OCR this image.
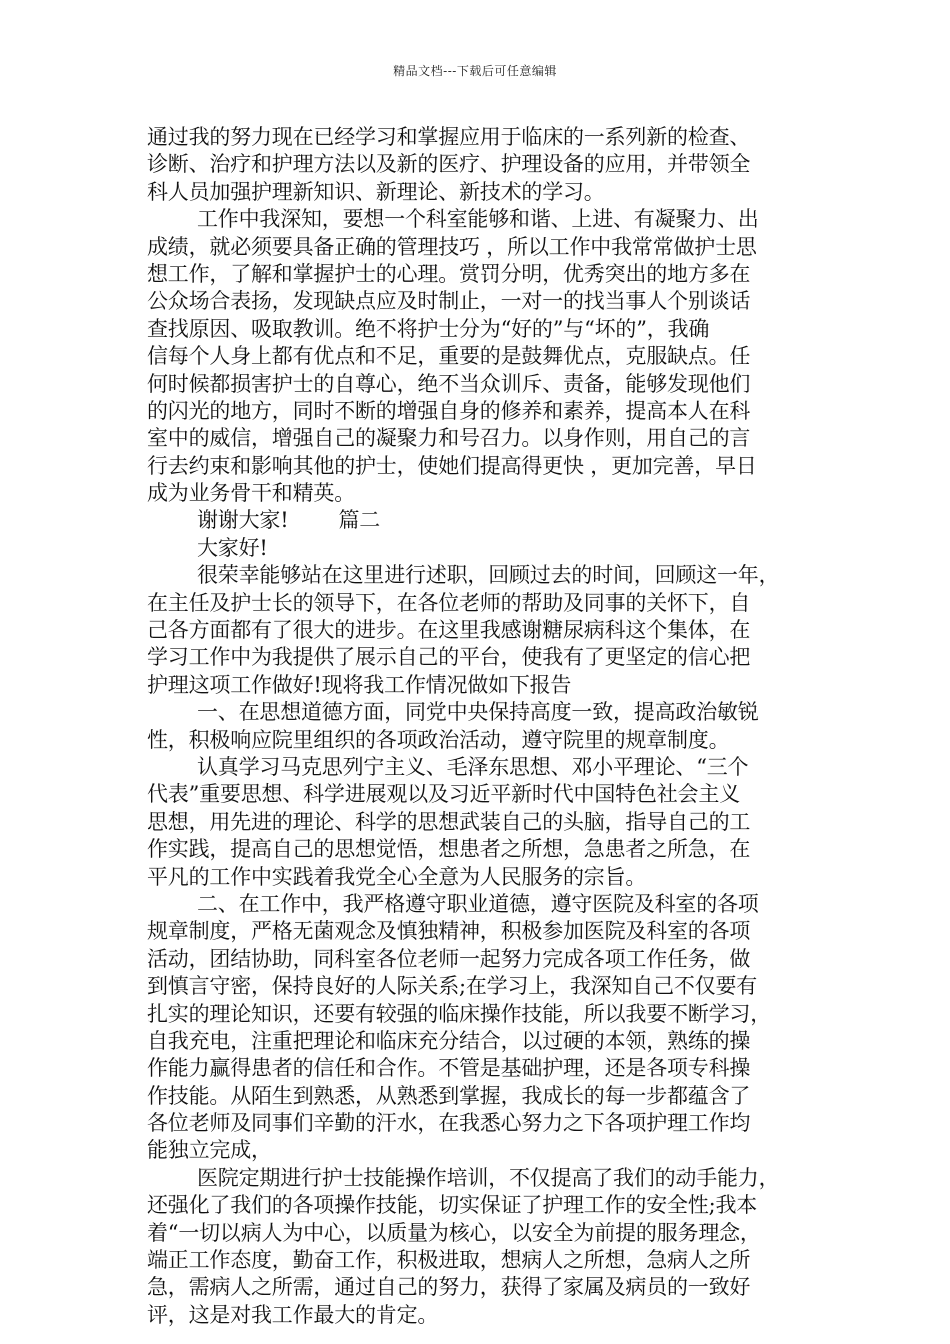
精品文档---下载后可任意编辑
通过我的努力现在已经学习和掌握应用于临床的一系列新的检查、
诊断、治疗和护理方法以及新的医疗、护理设备的应用，并带领全
科人员加强护理新知识、新理论、新技术的学习。
工作中我深知，要想一个科室能够和谐、上进、有凝聚力、出
成绩，就必须要具备正确的管理技巧 ，所以工作中我常常做护士思
想工作，了解和掌握护士的心理。赏罚分明，优秀突出的地方多在
公众场合表扬，发现缺点应及时制止，一对一的找当事人个别谈话
查找原因、吸取教训。绝不将护士分为“好的”与“坏的”，我确
信每个人身上都有优点和不足，重要的是鼓舞优点，克服缺点。任
何时候都损害护士的自尊心，绝不当众训斥、责备，能够发现他们
的闪光的地方，同时不断的增强自身的修养和素养，提高本人在科
室中的威信，增强自己的凝聚力和号召力。以身作则，用自己的言
行去约束和影响其他的护士，使她们提高得更快 ，更加完善，早日
成为业务骨干和精英。
谢谢大家! 篇二
大家好!
很荣幸能够站在这里进行述职，回顾过去的时间，回顾这一年，
在主任及护士长的领导下，在各位老师的帮助及同事的关怀下，自
己各方面都有了很大的进步。在这里我感谢糖尿病科这个集体，在
学习工作中为我提供了展示自己的平台，使我有了更坚定的信心把
护理这项工作做好!现将我工作情况做如下报告
一、在思想道德方面，同党中央保持高度一致，提高政治敏锐
性，积极响应院里组织的各项政治活动，遵守院里的规章制度。
认真学习马克思列宁主义、毛泽东思想、邓小平理论、“三个
代表”重要思想、科学进展观以及习近平新时代中国特色社会主义
思想，用先进的理论、科学的思想武装自己的头脑，指导自己的工
作实践，提高自己的思想觉悟，想患者之所想，急患者之所急，在
平凡的工作中实践着我党全心全意为人民服务的宗旨。
二、在工作中，我严格遵守职业道德，遵守医院及科室的各项
规章制度，严格无菌观念及慎独精神，积极参加医院及科室的各项
活动，团结协助，同科室各位老师一起努力完成各项工作任务，做
到慎言守密，保持良好的人际关系;在学习上，我深知自己不仅要有
扎实的理论知识，还要有较强的临床操作技能，所以我要不断学习，
自我充电，注重把理论和临床充分结合，以过硬的本领，熟练的操
作能力赢得患者的信任和合作。不管是基础护理，还是各项专科操
作技能。从陌生到熟悉，从熟悉到掌握，我成长的每一步都蕴含了
各位老师及同事们辛勤的汗水，在我悉心努力之下各项护理工作均
能独立完成，
医院定期进行护士技能操作培训，不仅提高了我们的动手能力，
还强化了我们的各项操作技能，切实保证了护理工作的安全性;我本
着“一切以病人为中心，以质量为核心，以安全为前提的服务理念，
端正工作态度，勤奋工作，积极进取，想病人之所想，急病人之所
急，需病人之所需，通过自己的努力，获得了家属及病员的一致好
评，这是对我工作最大的肯定。
